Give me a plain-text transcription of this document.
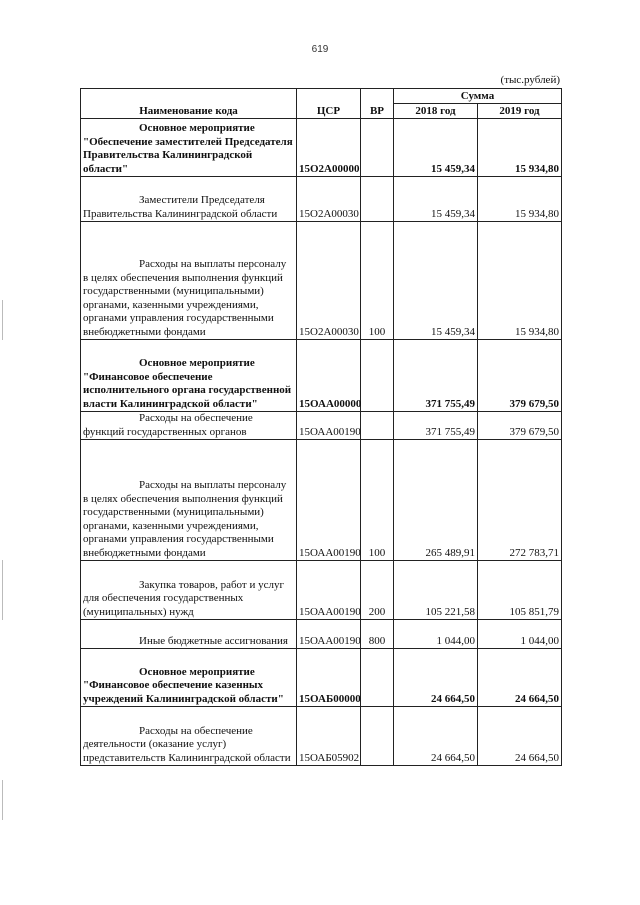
619
(тыс.рублей)
Наименование кода	ЦСР	ВР	Сумма	
			2018 год	2019 год
Основное мероприятие "Обеспечение заместителей Председателя Правительства Калининградской области"	15О2А00000		15 459,34	15 934,80
Заместители Председателя Правительства Калининградской области	15О2А00030		15 459,34	15 934,80
Расходы на выплаты персоналу в целях обеспечения выполнения функций государственными (муниципальными) органами, казенными учреждениями, органами управления государственными внебюджетными фондами	15О2А00030	100	15 459,34	15 934,80
Основное мероприятие "Финансовое обеспечение исполнительного органа государственной власти Калининградской области"	15ОАА00000		371 755,49	379 679,50
Расходы на обеспечение функций государственных органов	15ОАА00190		371 755,49	379 679,50
Расходы на выплаты персоналу в целях обеспечения выполнения функций государственными (муниципальными) органами, казенными учреждениями, органами управления государственными внебюджетными фондами	15ОАА00190	100	265 489,91	272 783,71
Закупка товаров, работ и услуг для обеспечения государственных (муниципальных) нужд	15ОАА00190	200	105 221,58	105 851,79
Иные бюджетные ассигнования	15ОАА00190	800	1 044,00	1 044,00
Основное мероприятие "Финансовое обеспечение казенных учреждений Калининградской области"	15ОАБ00000		24 664,50	24 664,50
Расходы на обеспечение деятельности (оказание услуг) представительств Калининградской области	15ОАБ05902		24 664,50	24 664,50
